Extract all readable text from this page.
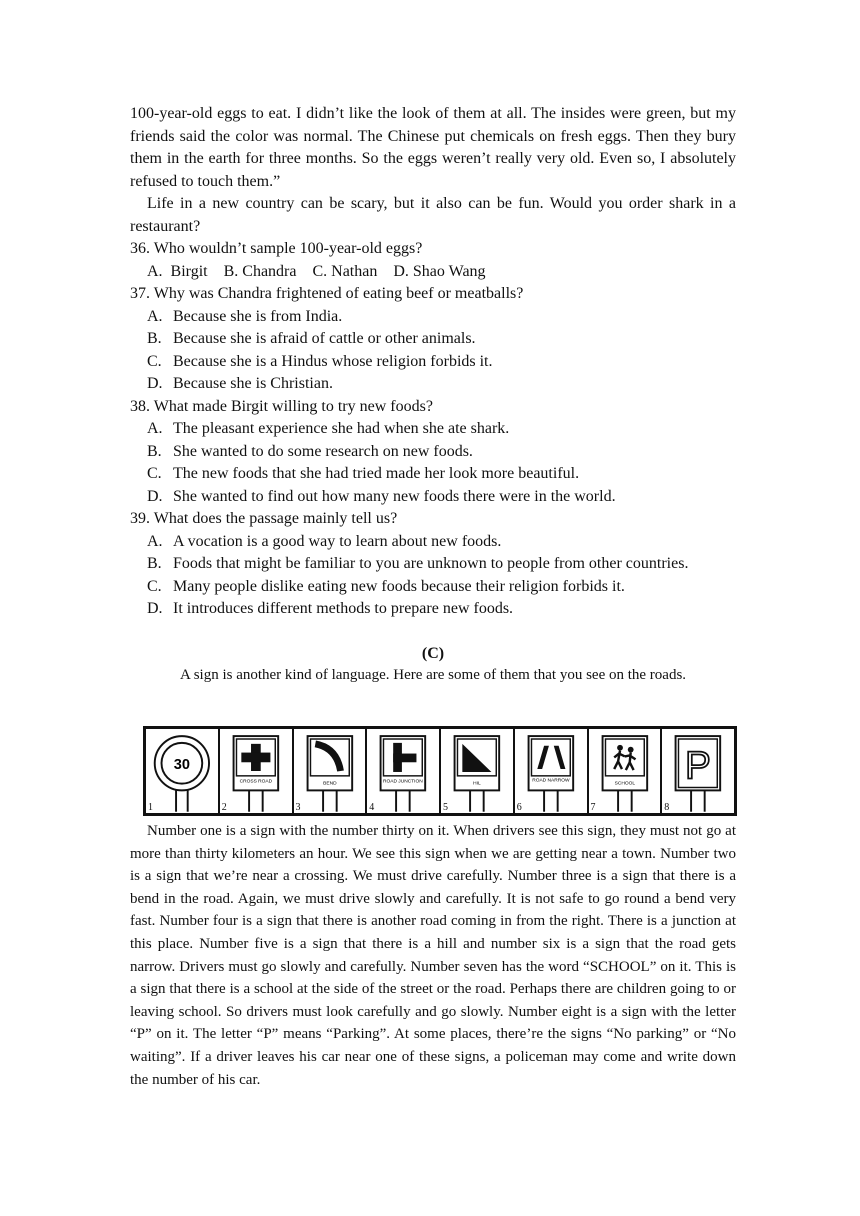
100-year-old eggs to eat. I didn’t like the look of them at all. The insides were green, but my friends said the color was normal. The Chinese put chemicals on fresh eggs. Then they bury them in the earth for three months. So the eggs weren’t really very old. Even so, I absolutely refused to touch them.”

Life in a new country can be scary, but it also can be fun. Would you order shark in a restaurant?

36. Who wouldn’t sample 100-year-old eggs?

A.  Birgit    B. Chandra    C. Nathan    D. Shao Wang

37. Why was Chandra frightened of eating beef or meatballs?

A. Because she is from India.
B. Because she is afraid of cattle or other animals.
C. Because she is a Hindus whose religion forbids it.
D. Because she is Christian.

38. What made Birgit willing to try new foods?

A. The pleasant experience she had when she ate shark.
B. She wanted to do some research on new foods.
C. The new foods that she had tried made her look more beautiful.
D. She wanted to find out how many new foods there were in the world.

39. What does the passage mainly tell us?

A. A vocation is a good way to learn about new foods.
B. Foods that might be familiar to you are unknown to people from other countries.
C. Many people dislike eating new foods because their religion forbids it.
D. It introduces different methods to prepare new foods.
(C)

A sign is another kind of language. Here are some of them that you see on the roads.

30
1
CROSS ROAD
2
BEND
3
ROAD JUNCTION
4
HIL
5
ROAD NARROW
6
SCHOOL
7
P
8

Number one is a sign with the number thirty on it. When drivers see this sign, they must not go at more than thirty kilometers an hour. We see this sign when we are getting near a town. Number two is a sign that we’re near a crossing. We must drive carefully. Number three is a sign that there is a bend in the road. Again, we must drive slowly and carefully. It is not safe to go round a bend very fast. Number four is a sign that there is another road coming in from the right. There is a junction at this place. Number five is a sign that there is a hill and number six is a sign that the road gets narrow. Drivers must go slowly and carefully. Number seven has the word “SCHOOL” on it. This is a sign that there is a school at the side of the street or the road. Perhaps there are children going to or leaving school. So drivers must look carefully and go slowly. Number eight is a sign with the letter “P” on it. The letter “P” means “Parking”. At some places, there’re the signs “No parking” or “No waiting”. If a driver leaves his car near one of these signs, a policeman may come and write down the number of his car.
